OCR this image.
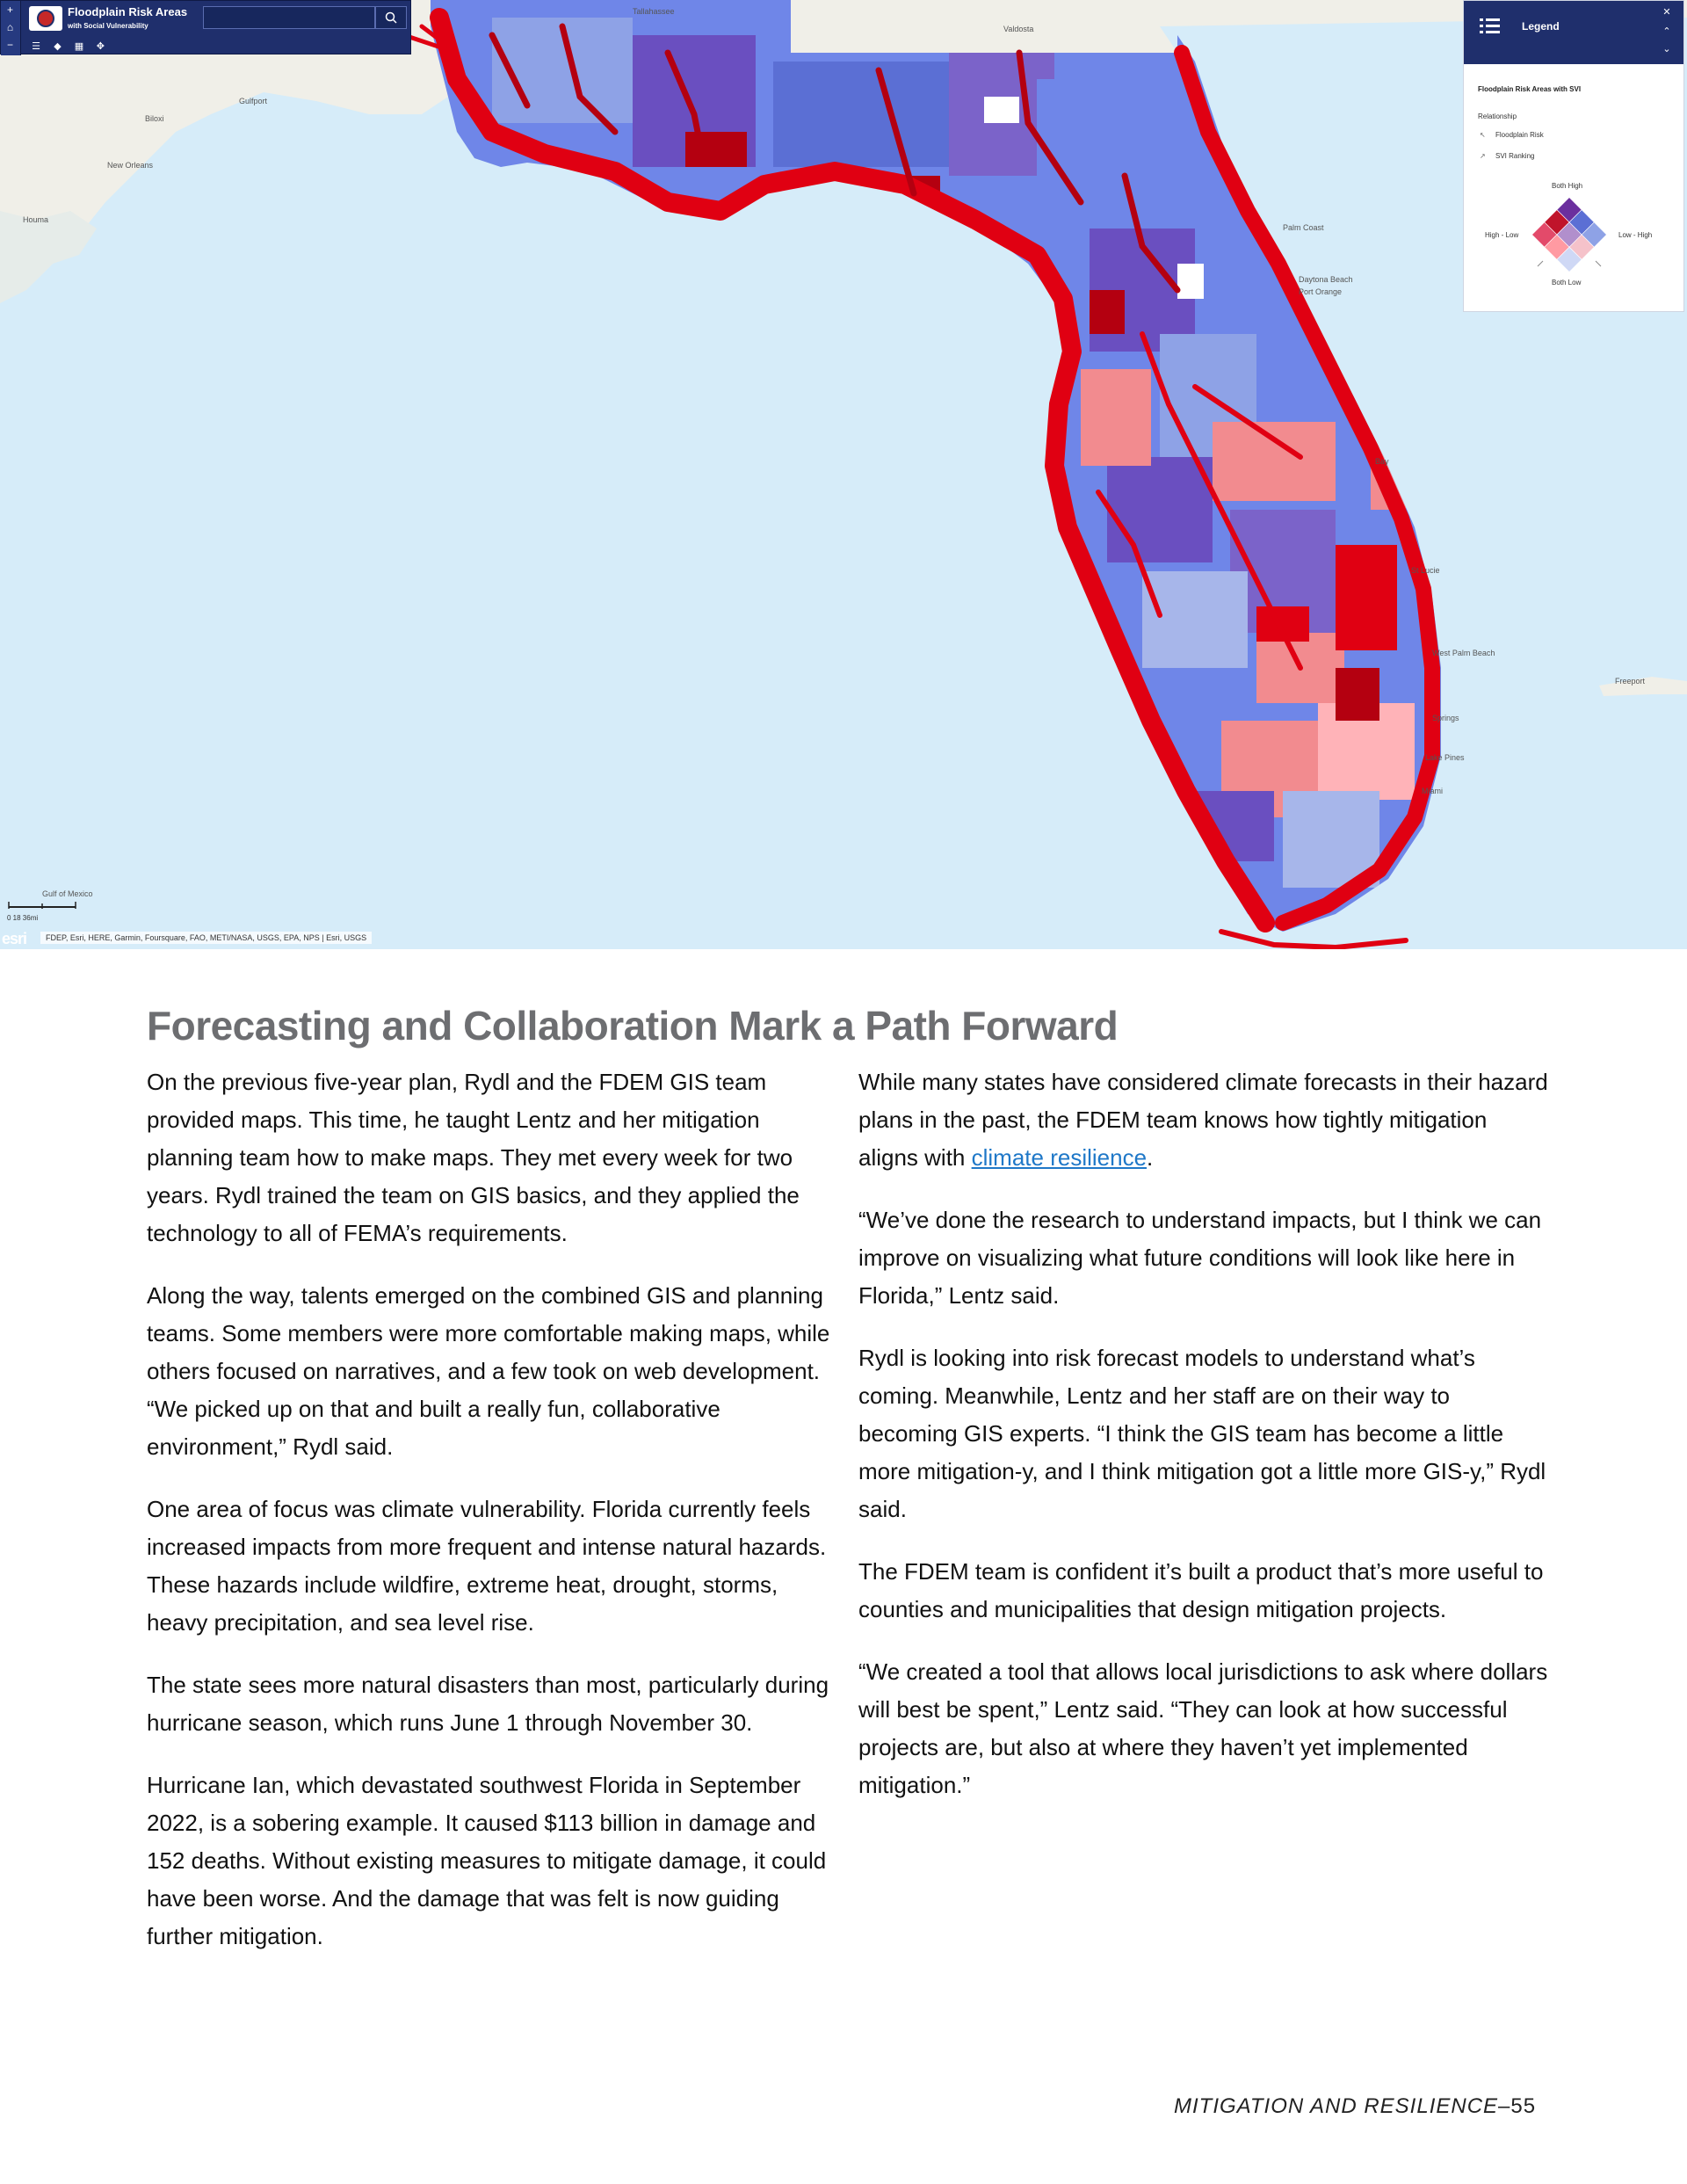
Valdosta
Gulfport
Biloxi
New Orleans
Houma
Tallahassee
Palm Coast
Daytona Beach
Port Orange
Bay
St Lucie
West Palm Beach
Springs
Lake Pines
Miami
Freeport
+
⌂
−
Floodplain Risk Areas
with Social Vulnerability
☰ ◆ ▦ ✥
Legend
✕
⌃
⌄
Floodplain Risk Areas with SVI
Relationship
↖ Floodplain Risk
↗ SVI Ranking
Both High
High - Low	Low - High
Both Low
0 18 36mi
Gulf of Mexico
esri	FDEP, Esri, HERE, Garmin, Foursquare, FAO, METI/NASA, USGS, EPA, NPS | Esri, USGS
Forecasting and Collaboration Mark a Path Forward

On the previous five-year plan, Rydl and the FDEM GIS team provided maps. This time, he taught Lentz and her mitigation planning team how to make maps. They met every week for two years. Rydl trained the team on GIS basics, and they applied the technology to all of FEMA’s requirements.

Along the way, talents emerged on the combined GIS and planning teams. Some members were more comfortable making maps, while others focused on narratives, and a few took on web development. “We picked up on that and built a really fun, collaborative environment,” Rydl said.

One area of focus was climate vulnerability. Florida currently feels increased impacts from more frequent and intense natural hazards. These hazards include wildfire, extreme heat, drought, storms, heavy precipitation, and sea level rise.

The state sees more natural disasters than most, particularly during hurricane season, which runs June 1 through November 30.

Hurricane Ian, which devastated southwest Florida in September 2022, is a sobering example. It caused $113 billion in damage and 152 deaths. Without existing measures to mitigate damage, it could have been worse. And the damage that was felt is now guiding further mitigation.

While many states have considered climate forecasts in their hazard plans in the past, the FDEM team knows how tightly mitigation aligns with climate resilience.

“We’ve done the research to understand impacts, but I think we can improve on visualizing what future conditions will look like here in Florida,” Lentz said.

Rydl is looking into risk forecast models to understand what’s coming. Meanwhile, Lentz and her staff are on their way to becoming GIS experts. “I think the GIS team has become a little more mitigation-y, and I think mitigation got a little more GIS-y,” Rydl said.

The FDEM team is confident it’s built a product that’s more useful to counties and municipalities that design mitigation projects.

“We created a tool that allows local jurisdictions to ask where dollars will best be spent,” Lentz said. “They can look at how successful projects are, but also at where they haven’t yet implemented mitigation.”

MITIGATION AND RESILIENCE–55
